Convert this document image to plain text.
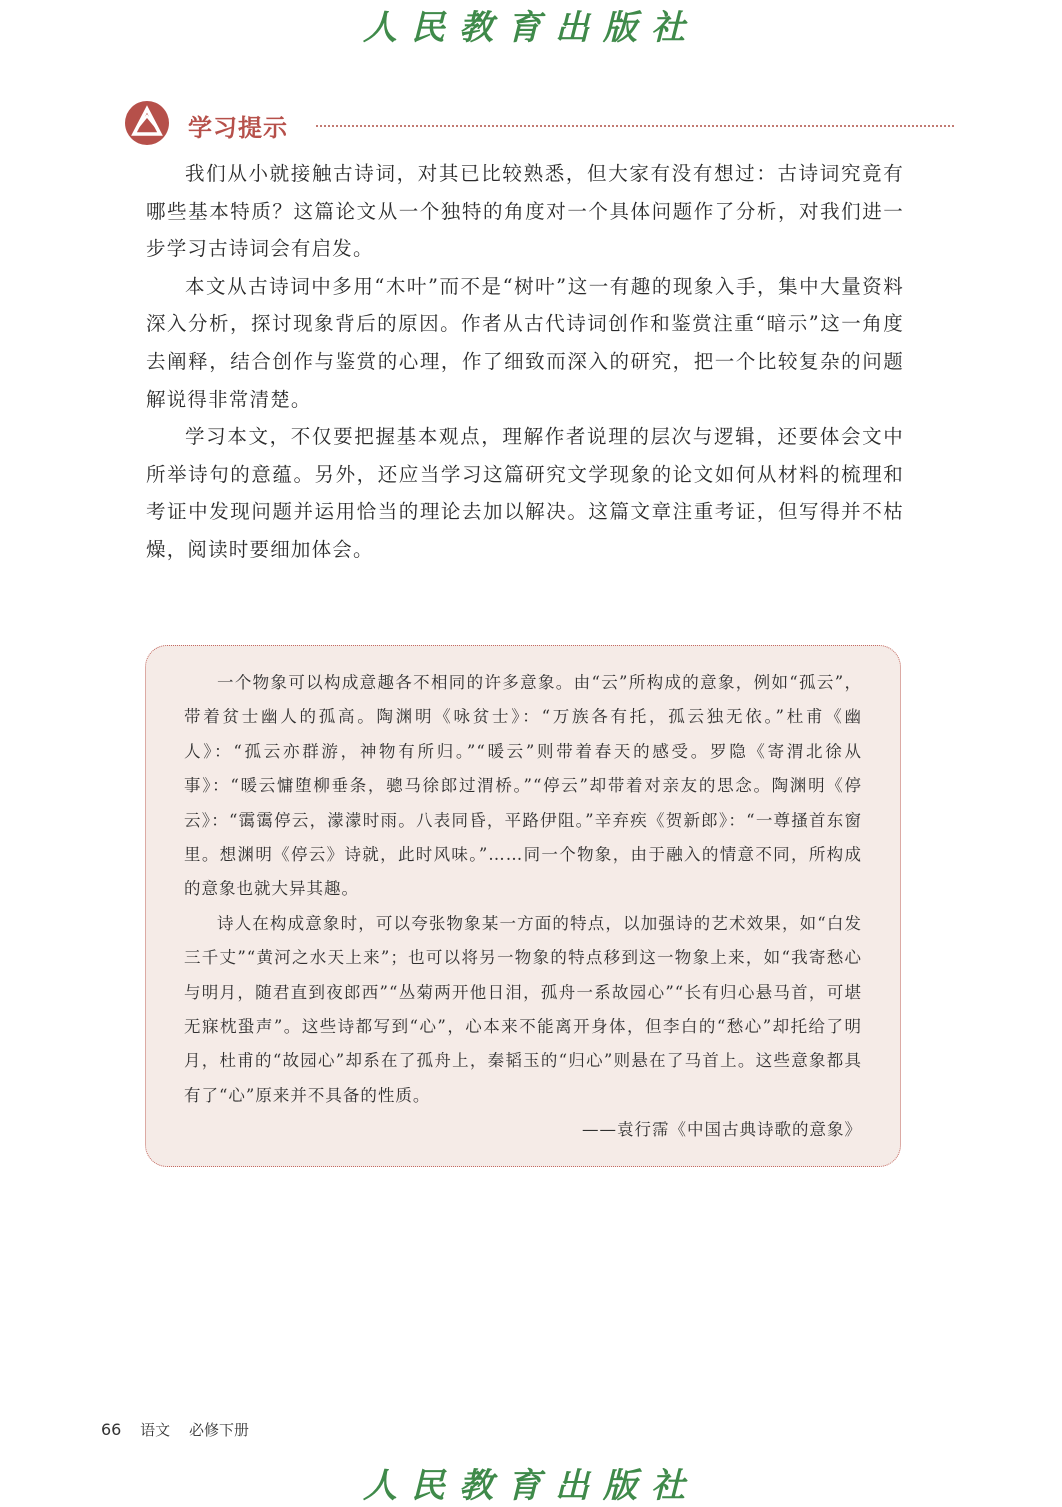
人民教育出版社
学习提示

我们从小就接触古诗词，对其已比较熟悉，但大家有没有想过：古诗词究竟有哪些基本特质？这篇论文从一个独特的角度对一个具体问题作了分析，对我们进一步学习古诗词会有启发。

本文从古诗词中多用“木叶”而不是“树叶”这一有趣的现象入手，集中大量资料深入分析，探讨现象背后的原因。作者从古代诗词创作和鉴赏注重“暗示”这一角度去阐释，结合创作与鉴赏的心理，作了细致而深入的研究，把一个比较复杂的问题解说得非常清楚。

学习本文，不仅要把握基本观点，理解作者说理的层次与逻辑，还要体会文中所举诗句的意蕴。另外，还应当学习这篇研究文学现象的论文如何从材料的梳理和考证中发现问题并运用恰当的理论去加以解决。这篇文章注重考证，但写得并不枯燥，阅读时要细加体会。

一个物象可以构成意趣各不相同的许多意象。由“云”所构成的意象，例如“孤云”，带着贫士幽人的孤高。陶渊明《咏贫士》：“万族各有托，孤云独无依。”杜甫《幽人》：“孤云亦群游，神物有所归。”“暖云”则带着春天的感受。罗隐《寄渭北徐从事》：“暖云慵堕柳垂条，骢马徐郎过渭桥。”“停云”却带着对亲友的思念。陶渊明《停云》：“霭霭停云，濛濛时雨。八表同昏，平路伊阻。”辛弃疾《贺新郎》：“一尊搔首东窗里。想渊明《停云》诗就，此时风味。”……同一个物象，由于融入的情意不同，所构成的意象也就大异其趣。

诗人在构成意象时，可以夸张物象某一方面的特点，以加强诗的艺术效果，如“白发三千丈”“黄河之水天上来”；也可以将另一物象的特点移到这一物象上来，如“我寄愁心与明月，随君直到夜郎西”“丛菊两开他日泪，孤舟一系故园心”“长有归心悬马首，可堪无寐枕蛩声”。这些诗都写到“心”，心本来不能离开身体，但李白的“愁心”却托给了明月，杜甫的“故园心”却系在了孤舟上，秦韬玉的“归心”则悬在了马首上。这些意象都具有了“心”原来并不具备的性质。

——袁行霈《中国古典诗歌的意象》

66 语文 必修下册
人民教育出版社
